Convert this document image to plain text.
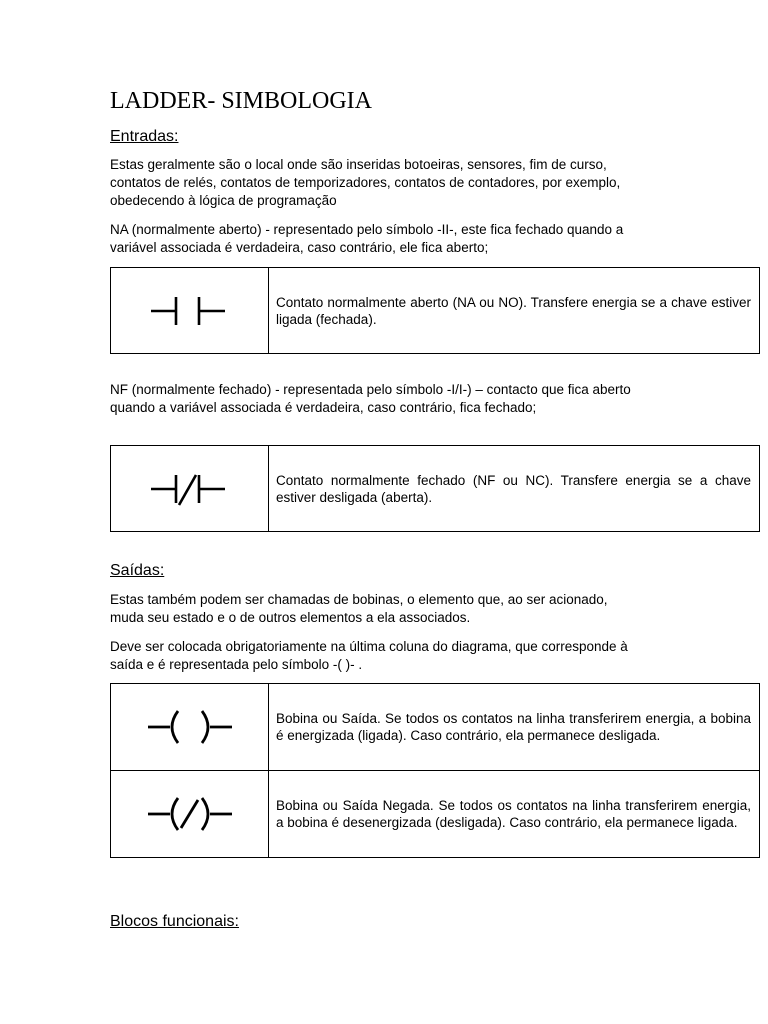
LADDER- SIMBOLOGIA
Entradas:

Estas geralmente são o local onde são inseridas botoeiras, sensores, fim de curso, contatos de relés, contatos de temporizadores, contatos de contadores, por exemplo, obedecendo à lógica de programação

NA (normalmente aberto) - representado pelo símbolo -II-, este fica fechado quando a variável associada é verdadeira, caso contrário, ele fica aberto;

	Contato normalmente aberto (NA ou NO). Transfere energia se a chave estiver ligada (fechada).

NF (normalmente fechado) - representada pelo símbolo -I/I-) – contacto que fica aberto quando a variável associada é verdadeira, caso contrário, fica fechado;

	Contato normalmente fechado (NF ou NC). Transfere energia se a chave estiver desligada (aberta).
Saídas:

Estas também podem ser chamadas de bobinas, o elemento que, ao ser acionado, muda seu estado e o de outros elementos a ela associados.

Deve ser colocada obrigatoriamente na última coluna do diagrama, que corresponde à saída e é representada pelo símbolo -( )- .

	Bobina ou Saída. Se todos os contatos na linha transferirem energia, a bobina é energizada (ligada). Caso contrário, ela permanece desligada.

	Bobina ou Saída Negada. Se todos os contatos na linha transferirem energia, a bobina é desenergizada (desligada). Caso contrário, ela permanece ligada.
Blocos funcionais:
